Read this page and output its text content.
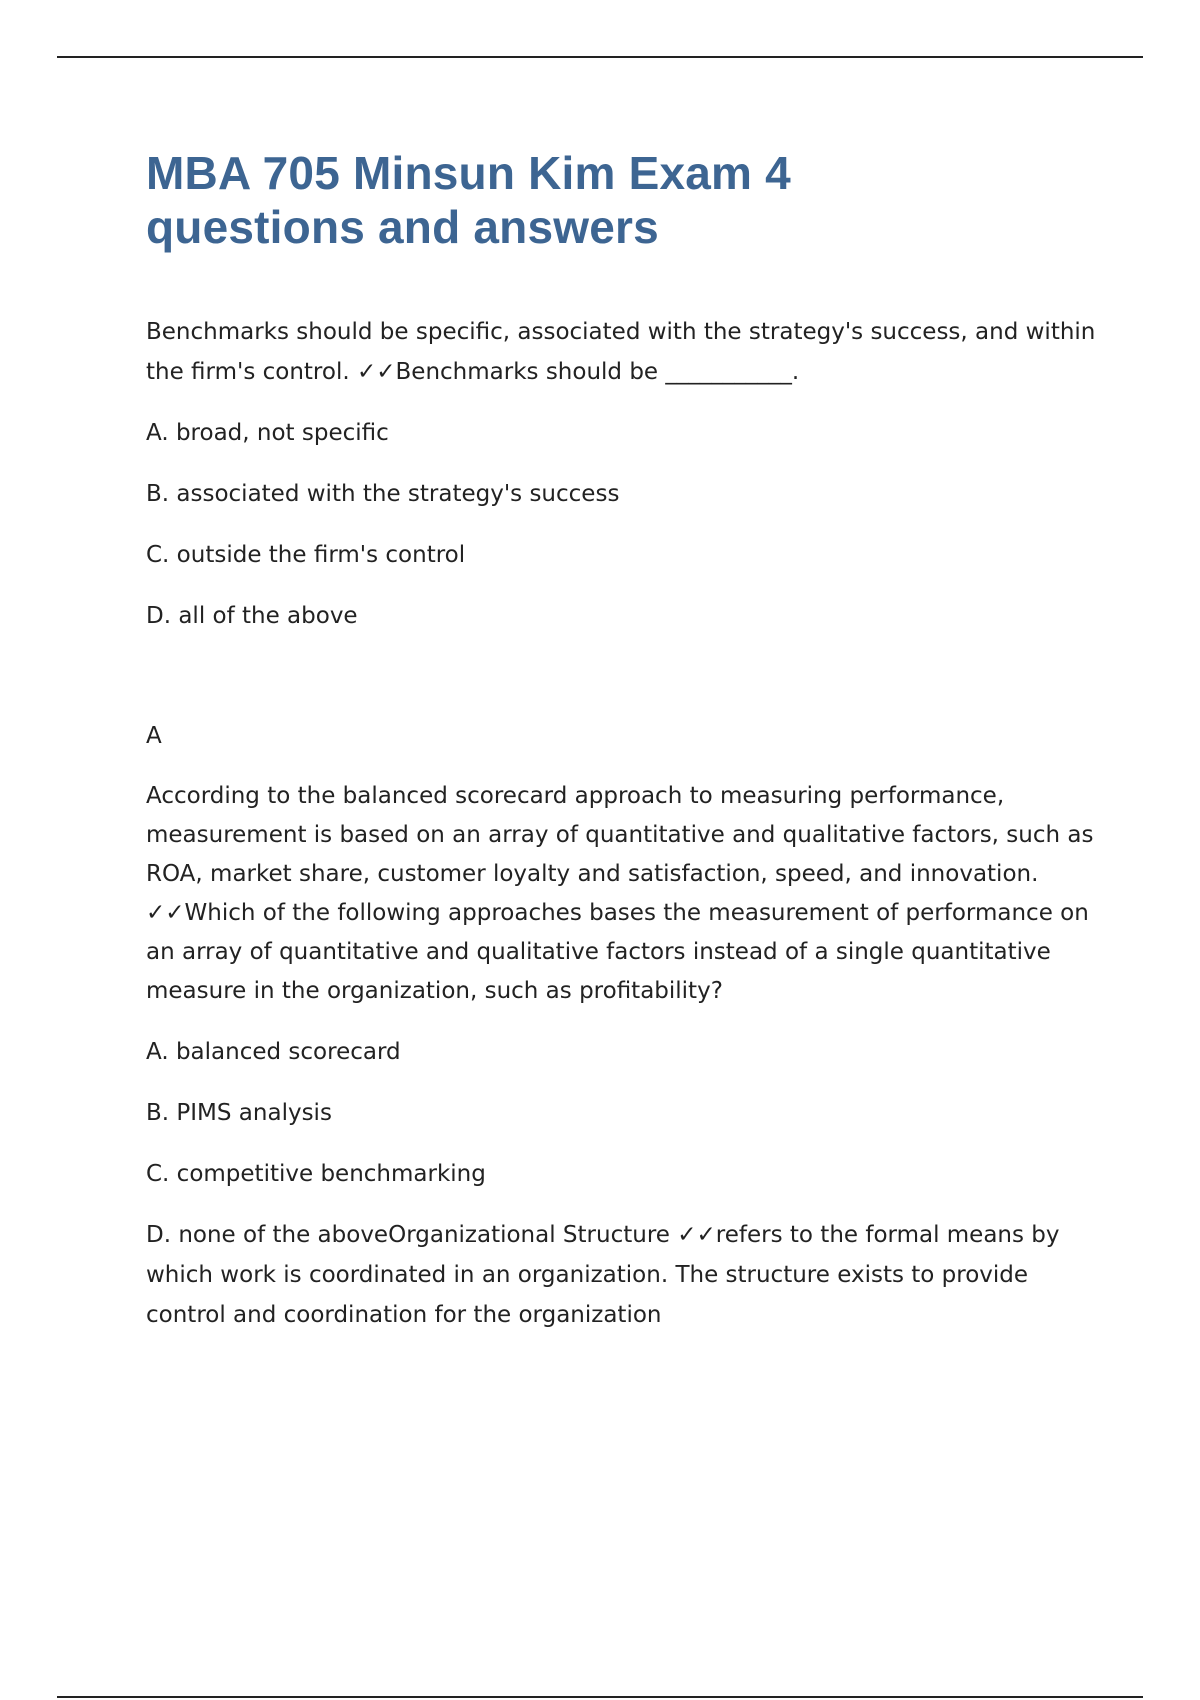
MBA 705 Minsun Kim Exam 4
questions and answers

Benchmarks should be specific, associated with the strategy's success, and within the firm's control. ✓✓Benchmarks should be ___________.

A. broad, not specific

B. associated with the strategy's success

C. outside the firm's control

D. all of the above

A

According to the balanced scorecard approach to measuring performance, measurement is based on an array of quantitative and qualitative factors, such as ROA, market share, customer loyalty and satisfaction, speed, and innovation. ✓✓Which of the following approaches bases the measurement of performance on an array of quantitative and qualitative factors instead of a single quantitative measure in the organization, such as profitability?

A. balanced scorecard

B. PIMS analysis

C. competitive benchmarking

D. none of the aboveOrganizational Structure ✓✓refers to the formal means by which work is coordinated in an organization. The structure exists to provide control and coordination for the organization
